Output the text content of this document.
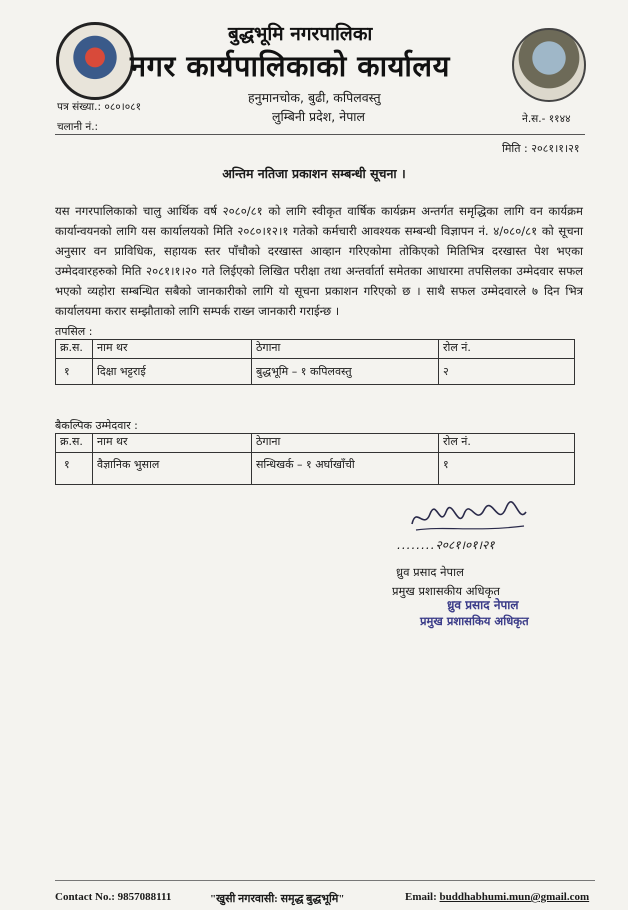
बुद्धभूमि नगरपालिका
नगर कार्यपालिकाको कार्यालय
हनुमानचोक, बुढी, कपिलवस्तु
लुम्बिनी प्रदेश, नेपाल
पत्र संख्या.: ०८०।०८१
चलानी नं.:
ने.स.- ११४४
मिति : २०८१।१।२१
अन्तिम नतिजा प्रकाशन सम्बन्धी सूचना ।
यस नगरपालिकाको चालु आर्थिक वर्ष २०८०/८१ को लागि स्वीकृत वार्षिक कार्यक्रम अन्तर्गत समृद्धिका लागि वन कार्यक्रम कार्यान्वयनको लागि यस कार्यालयको मिति २०८०।१२।१ गतेको कर्मचारी आवश्यक सम्बन्धी विज्ञापन नं. ४/०८०/८१ को सूचना अनुसार वन प्राविधिक, सहायक स्तर पाँचौको दरखास्त आव्हान गरिएकोमा तोकिएको मितिभित्र दरखास्त पेश भएका उम्मेदवारहरुको मिति २०८१।१।२० गते लिईएको लिखित परीक्षा तथा अन्तर्वार्ता समेतका आधारमा तपसिलका उम्मेदवार सफल भएको व्यहोरा सम्बन्धित सबैको जानकारीको लागि यो सूचना प्रकाशन गरिएको छ । साथै सफल उम्मेदवारले ७ दिन भित्र कार्यालयमा करार सम्झौताको लागि सम्पर्क राख्न जानकारी गराईन्छ ।
तपसिल :
क्र.स.	नाम थर	ठेगाना	रोल नं.
१	दिक्षा भट्टराई	बुद्धभूमि – १ कपिलवस्तु	२
बैकल्पिक उम्मेदवार :
क्र.स.	नाम थर	ठेगाना	रोल नं.
१	वैज्ञानिक भुसाल	सन्धिखर्क – १ अर्घाखाँची	१
........२०८१।०१।२१
ध्रुव प्रसाद नेपाल
प्रमुख प्रशासकीय अधिकृत
ध्रुव प्रसाद नेपाल
प्रमुख प्रशासकिय अधिकृत
Contact No.: 9857088111	"खुसी नगरवासी: समृद्ध बुद्धभूमि"	Email: buddhabhumi.mun@gmail.com
